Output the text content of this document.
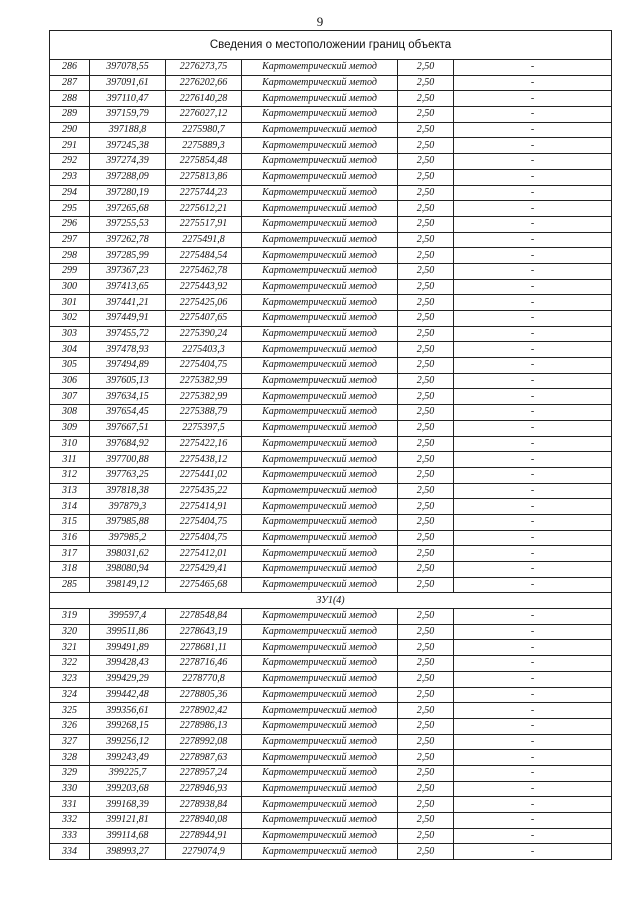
9
Сведения о местоположении границ объекта					
286	397078,55	2276273,75	Картометрический метод	2,50	-
287	397091,61	2276202,66	Картометрический метод	2,50	-
288	397110,47	2276140,28	Картометрический метод	2,50	-
289	397159,79	2276027,12	Картометрический метод	2,50	-
290	397188,8	2275980,7	Картометрический метод	2,50	-
291	397245,38	2275889,3	Картометрический метод	2,50	-
292	397274,39	2275854,48	Картометрический метод	2,50	-
293	397288,09	2275813,86	Картометрический метод	2,50	-
294	397280,19	2275744,23	Картометрический метод	2,50	-
295	397265,68	2275612,21	Картометрический метод	2,50	-
296	397255,53	2275517,91	Картометрический метод	2,50	-
297	397262,78	2275491,8	Картометрический метод	2,50	-
298	397285,99	2275484,54	Картометрический метод	2,50	-
299	397367,23	2275462,78	Картометрический метод	2,50	-
300	397413,65	2275443,92	Картометрический метод	2,50	-
301	397441,21	2275425,06	Картометрический метод	2,50	-
302	397449,91	2275407,65	Картометрический метод	2,50	-
303	397455,72	2275390,24	Картометрический метод	2,50	-
304	397478,93	2275403,3	Картометрический метод	2,50	-
305	397494,89	2275404,75	Картометрический метод	2,50	-
306	397605,13	2275382,99	Картометрический метод	2,50	-
307	397634,15	2275382,99	Картометрический метод	2,50	-
308	397654,45	2275388,79	Картометрический метод	2,50	-
309	397667,51	2275397,5	Картометрический метод	2,50	-
310	397684,92	2275422,16	Картометрический метод	2,50	-
311	397700,88	2275438,12	Картометрический метод	2,50	-
312	397763,25	2275441,02	Картометрический метод	2,50	-
313	397818,38	2275435,22	Картометрический метод	2,50	-
314	397879,3	2275414,91	Картометрический метод	2,50	-
315	397985,88	2275404,75	Картометрический метод	2,50	-
316	397985,2	2275404,75	Картометрический метод	2,50	-
317	398031,62	2275412,01	Картометрический метод	2,50	-
318	398080,94	2275429,41	Картометрический метод	2,50	-
285	398149,12	2275465,68	Картометрический метод	2,50	-
ЗУ1(4)					
319	399597,4	2278548,84	Картометрический метод	2,50	-
320	399511,86	2278643,19	Картометрический метод	2,50	-
321	399491,89	2278681,11	Картометрический метод	2,50	-
322	399428,43	2278716,46	Картометрический метод	2,50	-
323	399429,29	2278770,8	Картометрический метод	2,50	-
324	399442,48	2278805,36	Картометрический метод	2,50	-
325	399356,61	2278902,42	Картометрический метод	2,50	-
326	399268,15	2278986,13	Картометрический метод	2,50	-
327	399256,12	2278992,08	Картометрический метод	2,50	-
328	399243,49	2278987,63	Картометрический метод	2,50	-
329	399225,7	2278957,24	Картометрический метод	2,50	-
330	399203,68	2278946,93	Картометрический метод	2,50	-
331	399168,39	2278938,84	Картометрический метод	2,50	-
332	399121,81	2278940,08	Картометрический метод	2,50	-
333	399114,68	2278944,91	Картометрический метод	2,50	-
334	398993,27	2279074,9	Картометрический метод	2,50	-
